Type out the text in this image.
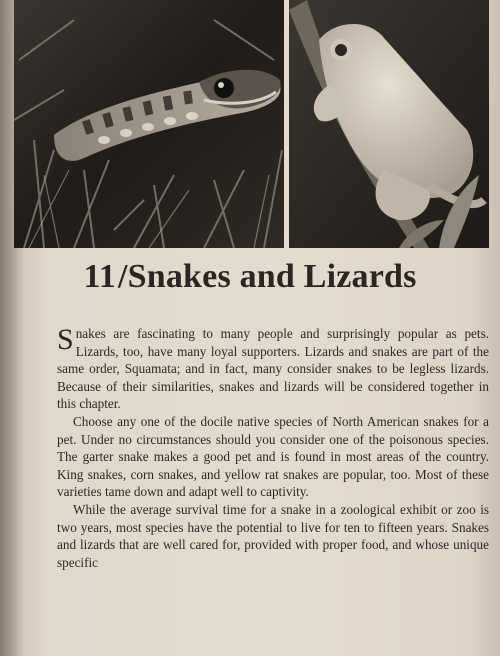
11/Snakes and Lizards

Snakes are fascinating to many people and surprisingly popular as pets. Lizards, too, have many loyal supporters. Lizards and snakes are part of the same order, Squamata; and in fact, many consider snakes to be legless lizards. Because of their similarities, snakes and lizards will be considered together in this chapter.

Choose any one of the docile native species of North American snakes for a pet. Under no circumstances should you consider one of the poisonous species. The garter snake makes a good pet and is found in most areas of the country. King snakes, corn snakes, and yellow rat snakes are popular, too. Most of these varieties tame down and adapt well to captivity.

While the average survival time for a snake in a zoological exhibit or zoo is two years, most species have the potential to live for ten to fifteen years. Snakes and lizards that are well cared for, provided with proper food, and whose unique specific
